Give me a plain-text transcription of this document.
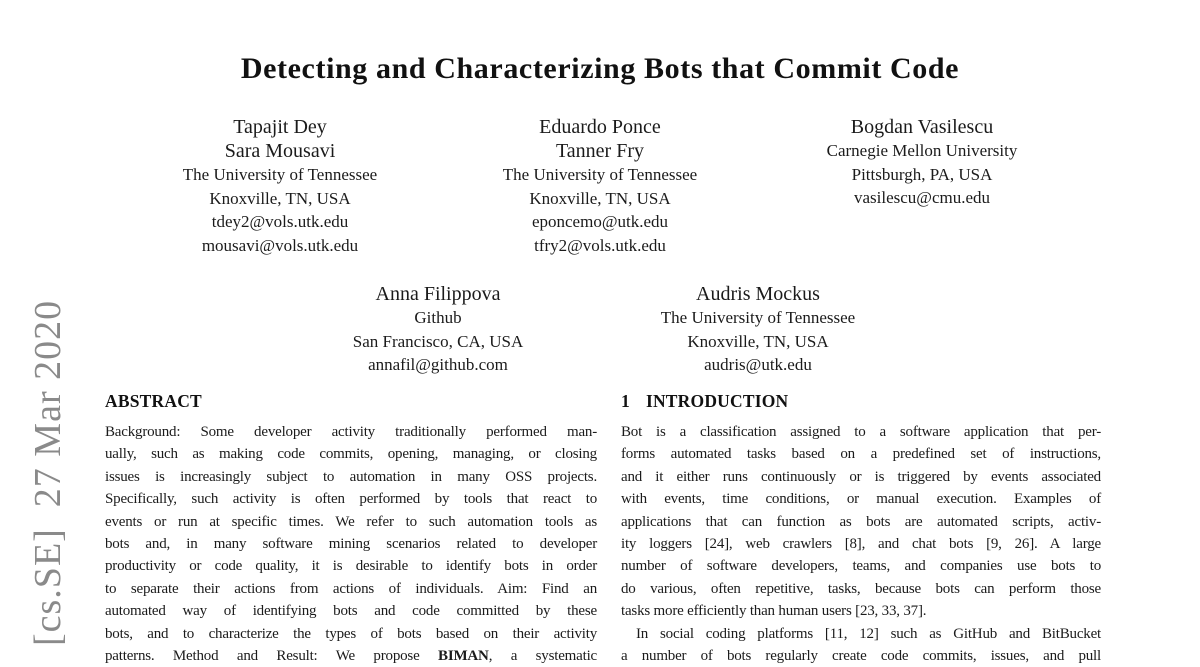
[cs.SE]  27 Mar 2020
Detecting and Characterizing Bots that Commit Code
Tapajit Dey
Sara Mousavi
The University of Tennessee
Knoxville, TN, USA
tdey2@vols.utk.edu
mousavi@vols.utk.edu
Eduardo Ponce
Tanner Fry
The University of Tennessee
Knoxville, TN, USA
eponcemo@utk.edu
tfry2@vols.utk.edu
Bogdan Vasilescu
Carnegie Mellon University
Pittsburgh, PA, USA
vasilescu@cmu.edu
Anna Filippova
Github
San Francisco, CA, USA
annafil@github.com
Audris Mockus
The University of Tennessee
Knoxville, TN, USA
audris@utk.edu
ABSTRACT
Background: Some developer activity traditionally performed man-
ually, such as making code commits, opening, managing, or closing
issues is increasingly subject to automation in many OSS projects.
Specifically, such activity is often performed by tools that react to
events or run at specific times. We refer to such automation tools as
bots and, in many software mining scenarios related to developer
productivity or code quality, it is desirable to identify bots in order
to separate their actions from actions of individuals. Aim: Find an
automated way of identifying bots and code committed by these
bots, and to characterize the types of bots based on their activity
patterns. Method and Result: We propose BIMAN, a systematic
1 INTRODUCTION
Bot is a classification assigned to a software application that per-
forms automated tasks based on a predefined set of instructions,
and it either runs continuously or is triggered by events associated
with events, time conditions, or manual execution. Examples of
applications that can function as bots are automated scripts, activ-
ity loggers [24], web crawlers [8], and chat bots [9, 26]. A large
number of software developers, teams, and companies use bots to
do various, often repetitive, tasks, because bots can perform those
tasks more efficiently than human users [23, 33, 37].
In social coding platforms [11, 12] such as GitHub and BitBucket
a number of bots regularly create code commits, issues, and pull
